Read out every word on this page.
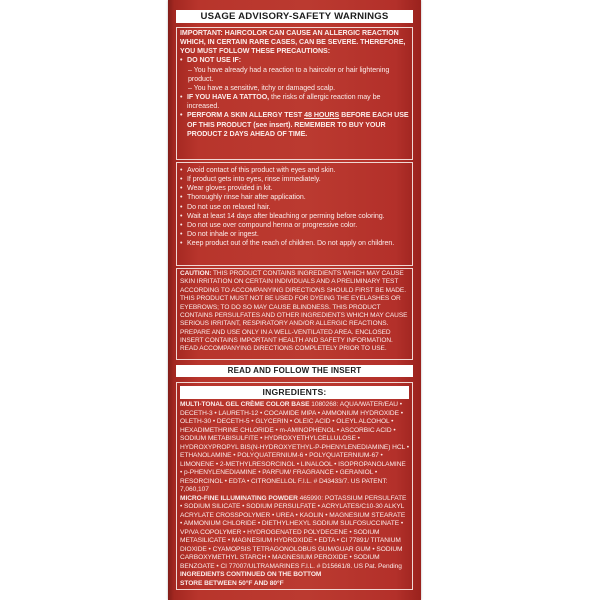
USAGE ADVISORY-SAFETY WARNINGS
IMPORTANT: HAIRCOLOR CAN CAUSE AN ALLERGIC REACTION WHICH, IN CERTAIN RARE CASES, CAN BE SEVERE. THEREFORE, YOU MUST FOLLOW THESE PRECAUTIONS:
• DO NOT USE IF:
– You have already had a reaction to a haircolor or hair lightening product.
– You have a sensitive, itchy or damaged scalp.
• IF YOU HAVE A TATTOO, the risks of allergic reaction may be increased.
• PERFORM A SKIN ALLERGY TEST 48 HOURS BEFORE EACH USE OF THIS PRODUCT (see insert). REMEMBER TO BUY YOUR PRODUCT 2 DAYS AHEAD OF TIME.
• Avoid contact of this product with eyes and skin.
• If product gets into eyes, rinse immediately.
• Wear gloves provided in kit.
• Thoroughly rinse hair after application.
• Do not use on relaxed hair.
• Wait at least 14 days after bleaching or perming before coloring.
• Do not use over compound henna or progressive color.
• Do not inhale or ingest.
• Keep product out of the reach of children. Do not apply on children.
CAUTION: THIS PRODUCT CONTAINS INGREDIENTS WHICH MAY CAUSE SKIN IRRITATION ON CERTAIN INDIVIDUALS AND A PRELIMINARY TEST ACCORDING TO ACCOMPANYING DIRECTIONS SHOULD FIRST BE MADE. THIS PRODUCT MUST NOT BE USED FOR DYEING THE EYELASHES OR EYEBROWS; TO DO SO MAY CAUSE BLINDNESS. THIS PRODUCT CONTAINS PERSULFATES AND OTHER INGREDIENTS WHICH MAY CAUSE SERIOUS IRRITANT, RESPIRATORY AND/OR ALLERGIC REACTIONS. PREPARE AND USE ONLY IN A WELL-VENTILATED AREA. ENCLOSED INSERT CONTAINS IMPORTANT HEALTH AND SAFETY INFORMATION. READ ACCOMPANYING DIRECTIONS COMPLETELY PRIOR TO USE.
READ AND FOLLOW THE INSERT
INGREDIENTS:
MULTI-TONAL GEL CRÈME COLOR BASE 1080268: AQUA/WATER/EAU • DECETH-3 • LAURETH-12 • COCAMIDE MIPA • AMMONIUM HYDROXIDE • OLETH-30 • DECETH-5 • GLYCERIN • OLEIC ACID • OLEYL ALCOHOL • HEXADIMETHRINE CHLORIDE • m-AMINOPHENOL • ASCORBIC ACID • SODIUM METABISULFITE • HYDROXYETHYLCELLULOSE • HYDROXYPROPYL BIS(N-HYDROXYETHYL-P-PHENYLENEDIAMINE) HCL • ETHANOLAMINE • POLYQUATERNIUM-6 • POLYQUATERNIUM-67 • LIMONENE • 2-METHYLRESORCINOL • LINALOOL • ISOPROPANOLAMINE • p-PHENYLENEDIAMINE • PARFUM/ FRAGRANCE • GERANIOL • RESORCINOL • EDTA • CITRONELLOL F.I.L. # D43433/7. US PATENT: 7,060,107
MICRO-FINE ILLUMINATING POWDER 465990: POTASSIUM PERSULFATE • SODIUM SILICATE • SODIUM PERSULFATE • ACRYLATES/C10-30 ALKYL ACRYLATE CROSSPOLYMER • UREA • KAOLIN • MAGNESIUM STEARATE • AMMONIUM CHLORIDE • DIETHYLHEXYL SODIUM SULFOSUCCINATE • VP/VA COPOLYMER • HYDROGENATED POLYDECENE • SODIUM METASILICATE • MAGNESIUM HYDROXIDE • EDTA • CI 77891/ TITANIUM DIOXIDE • CYAMOPSIS TETRAGONOLOBUS GUM/GUAR GUM • SODIUM CARBOXYMETHYL STARCH • MAGNESIUM PEROXIDE • SODIUM BENZOATE • CI 77007/ULTRAMARINES F.I.L. # D15661/8. US Pat. Pending
INGREDIENTS CONTINUED ON THE BOTTOM
STORE BETWEEN 50°F AND 80°F
